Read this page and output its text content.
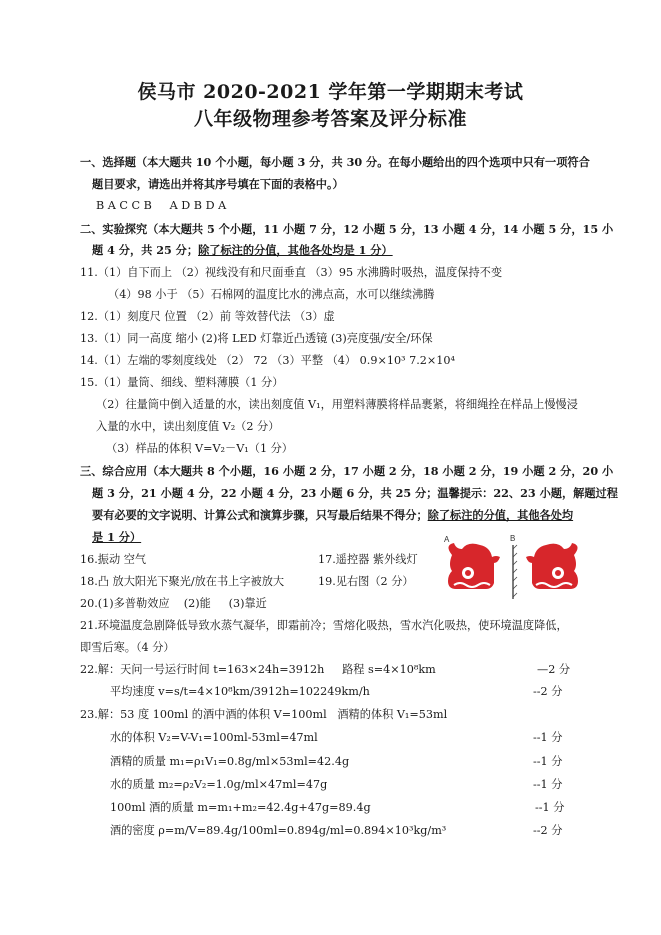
侯马市 2020-2021 学年第一学期期末考试
八年级物理参考答案及评分标准
一、选择题（本大题共 10 个小题，每小题 3 分，共 30 分。在每小题给出的四个选项中只有一项符合
题目要求，请选出并将其序号填在下面的表格中。）
B A C C B     A D B D A
二、实验探究（本大题共 5 个小题，11 小题 7 分，12 小题 5 分，13 小题 4 分，14 小题 5 分，15 小
题 4 分，共 25 分；除了标注的分值，其他各处均是 1 分）
11.（1）自下而上 （2）视线没有和尺面垂直 （3）95 水沸腾时吸热，温度保持不变
（4）98 小于 （5）石棉网的温度比水的沸点高，水可以继续沸腾
12.（1）刻度尺 位置 （2）前 等效替代法 （3）虚
13.（1）同一高度 缩小 (2)将 LED 灯靠近凸透镜 (3)亮度强/安全/环保
14.（1）左端的零刻度线处 （2） 72 （3）平整 （4） 0.9×10³ 7.2×10⁴
15.（1）量筒、细线、塑料薄膜（1 分）
（2）往量筒中倒入适量的水，读出刻度值 V₁，用塑料薄膜将样品裹紧，将细绳拴在样品上慢慢浸
入量的水中，读出刻度值 V₂（2 分）
（3）样品的体积 V=V₂－V₁（1 分）
三、综合应用（本大题共 8 个小题，16 小题 2 分，17 小题 2 分，18 小题 2 分，19 小题 2 分，20 小
题 3 分，21 小题 4 分，22 小题 4 分，23 小题 6 分，共 25 分；温馨提示：22、23 小题，解题过程
要有必要的文字说明、计算公式和演算步骤，只写最后结果不得分；除了标注的分值，其他各处均
是 1 分）
16.振动 空气	17.遥控器 紫外线灯
18.凸 放大阳光下聚光/放在书上字被放大	19.见右图（2 分）
A	B
20.(1)多普勒效应    (2)能     (3)靠近
21.环境温度急剧降低导致水蒸气凝华，即霜前冷；雪熔化吸热，雪水汽化吸热，使环境温度降低，
即雪后寒。（4 分）
22.解：天问一号运行时间 t=163×24h=3912h     路程 s=4×10⁸km	—2 分
平均速度 v=s/t=4×10⁸km/3912h=102249km/h	--2 分
23.解：53 度 100ml 的酒中酒的体积 V=100ml   酒精的体积 V₁=53ml
水的体积 V₂=V-V₁=100ml-53ml=47ml	--1 分
酒精的质量 m₁=ρ₁V₁=0.8g/ml×53ml=42.4g	--1 分
水的质量 m₂=ρ₂V₂=1.0g/ml×47ml=47g	--1 分
100ml 酒的质量 m=m₁+m₂=42.4g+47g=89.4g	--1 分
酒的密度 ρ=m/V=89.4g/100ml=0.894g/ml=0.894×10³kg/m³	--2 分
